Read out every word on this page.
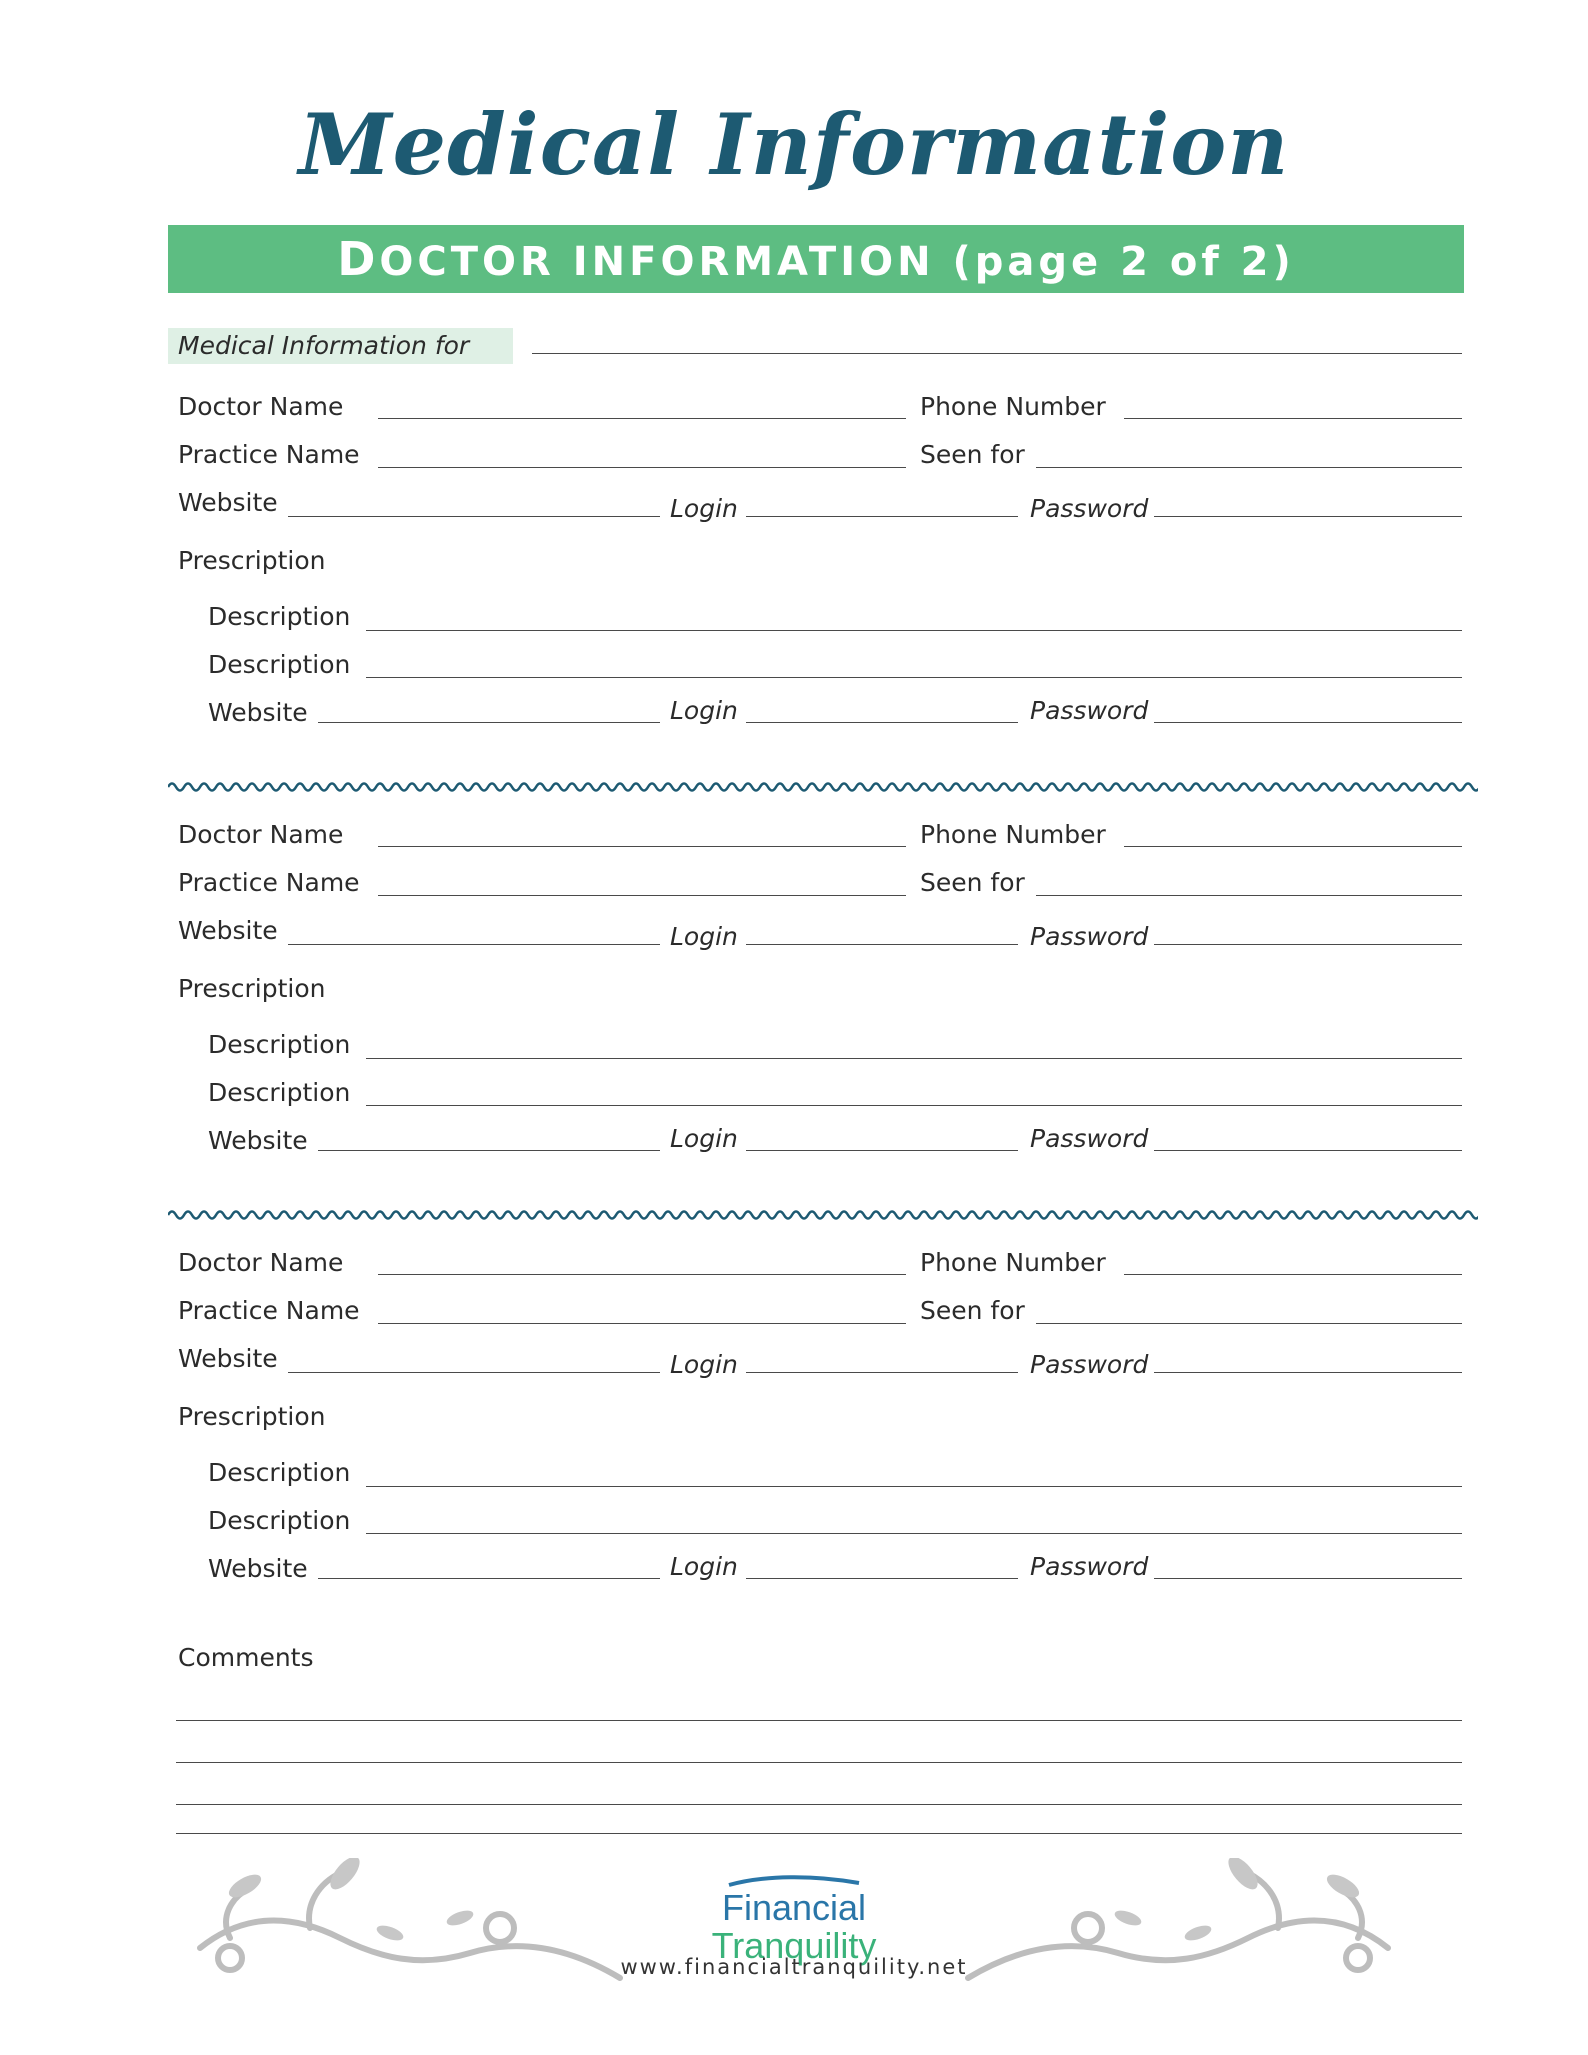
Medical Information
DOCTOR INFORMATION (page 2 of 2)
Medical Information for
Doctor Name	Phone Number
Practice Name	Seen for
Website	Login	Password
Prescription
Description
Description
Website	Login	Password
Doctor Name	Phone Number
Practice Name	Seen for
Website	Login	Password
Prescription
Description
Description
Website	Login	Password
Doctor Name	Phone Number
Practice Name	Seen for
Website	Login	Password
Prescription
Description
Description
Website	Login	Password
Comments
Financial
Tranquility
www.financialtranquility.net
